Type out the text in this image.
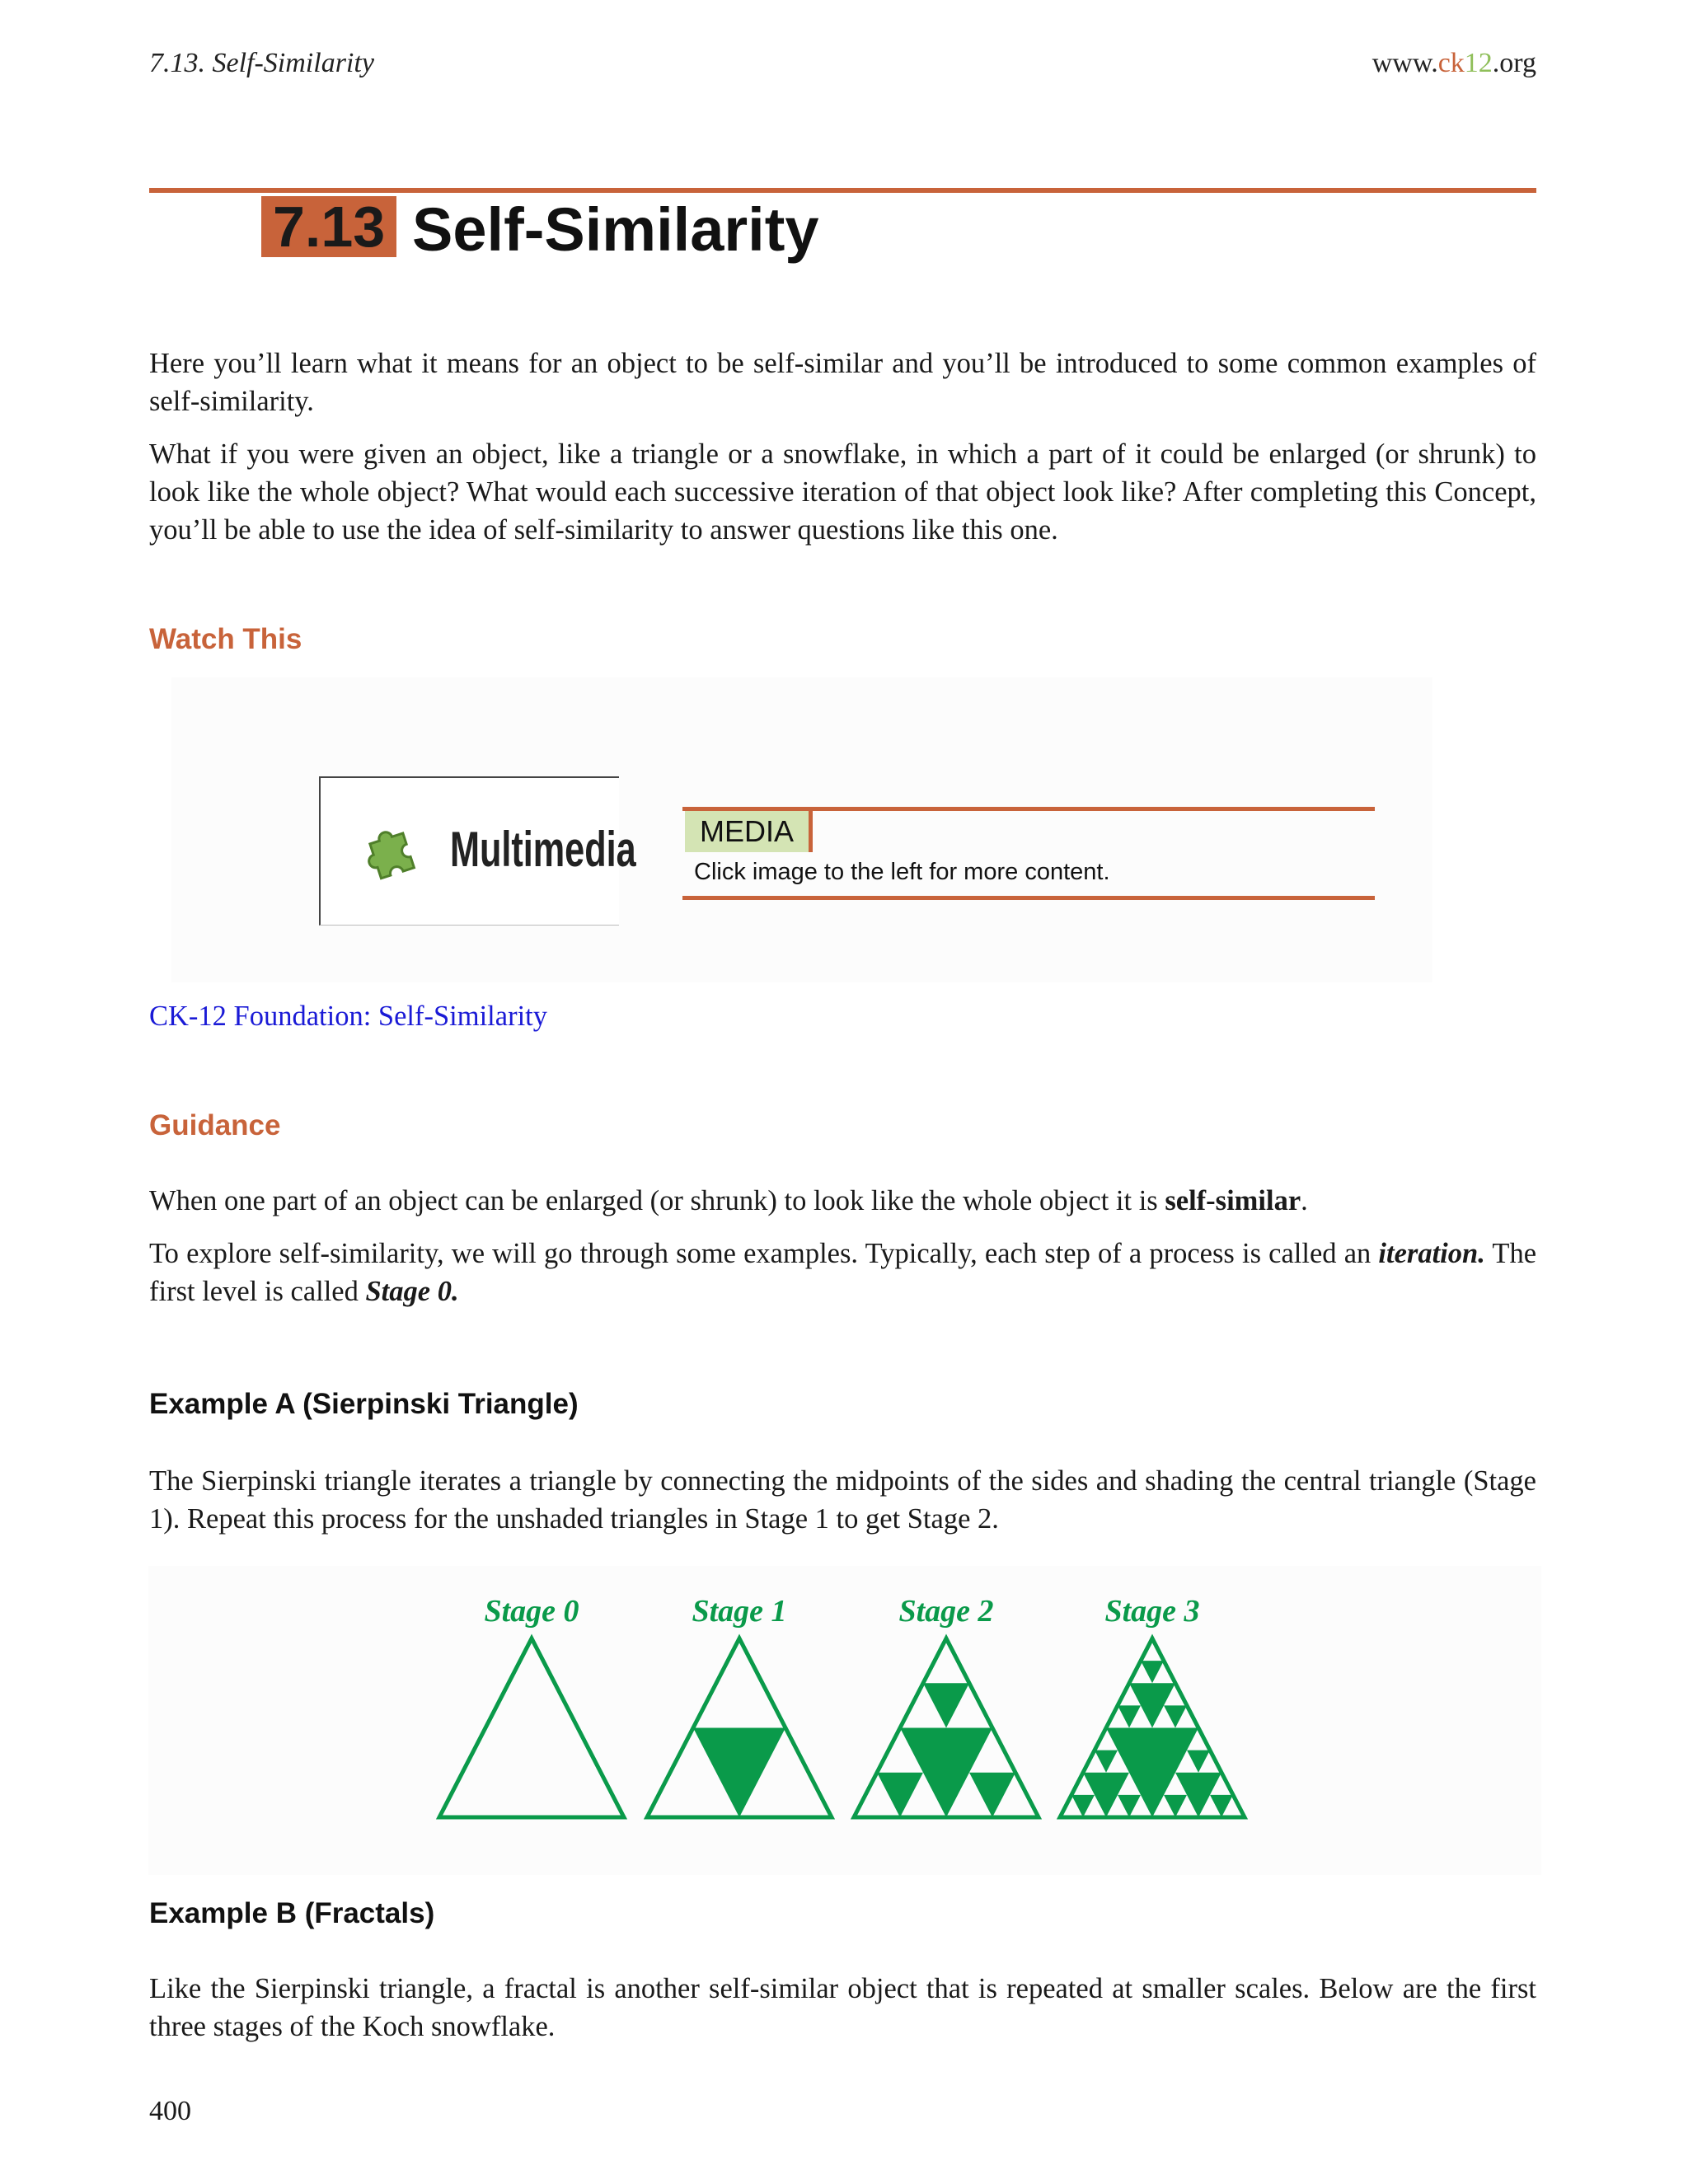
7.13. Self-Similarity	www.ck12.org
7.13 Self-Similarity
Here you’ll learn what it means for an object to be self-similar and you’ll be introduced to some common examples of self-similarity.
What if you were given an object, like a triangle or a snowflake, in which a part of it could be enlarged (or shrunk) to look like the whole object? What would each successive iteration of that object look like? After completing this Concept, you’ll be able to use the idea of self-similarity to answer questions like this one.
Watch This
Multimedia	MEDIA
Click image to the left for more content.
CK-12 Foundation: Self-Similarity
Guidance
When one part of an object can be enlarged (or shrunk) to look like the whole object it is self-similar.
To explore self-similarity, we will go through some examples. Typically, each step of a process is called an iteration. The first level is called Stage 0.
Example A (Sierpinski Triangle)
The Sierpinski triangle iterates a triangle by connecting the midpoints of the sides and shading the central triangle (Stage 1). Repeat this process for the unshaded triangles in Stage 1 to get Stage 2.
Stage 0	Stage 1	Stage 2	Stage 3
Example B (Fractals)
Like the Sierpinski triangle, a fractal is another self-similar object that is repeated at smaller scales. Below are the first three stages of the Koch snowflake.
400
